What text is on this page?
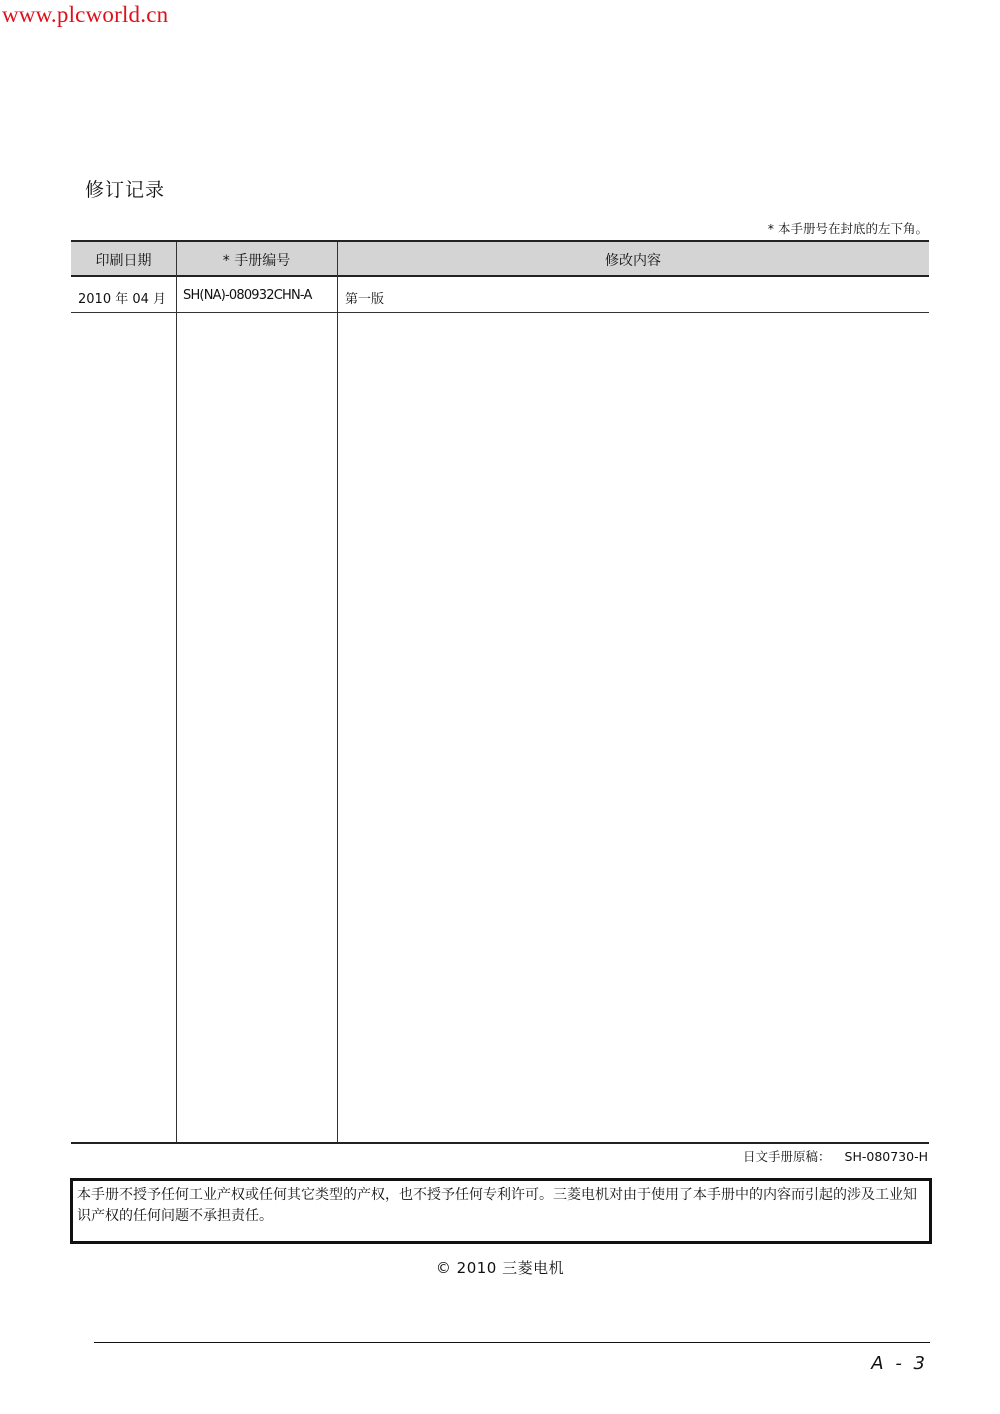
www.plcworld.cn
修订记录
* 本手册号在封底的左下角。
印刷日期	* 手册编号	修改内容
2010 年 04 月 SH(NA)-080932CHN-A	第一版
日文手册原稿： SH-080730-H
本手册不授予任何工业产权或任何其它类型的产权，也不授予任何专利许可。三菱电机对由于使用了本手册中的内容而引起的涉及工业知识产权的任何问题不承担责任。
© 2010 三菱电机
A - 3
